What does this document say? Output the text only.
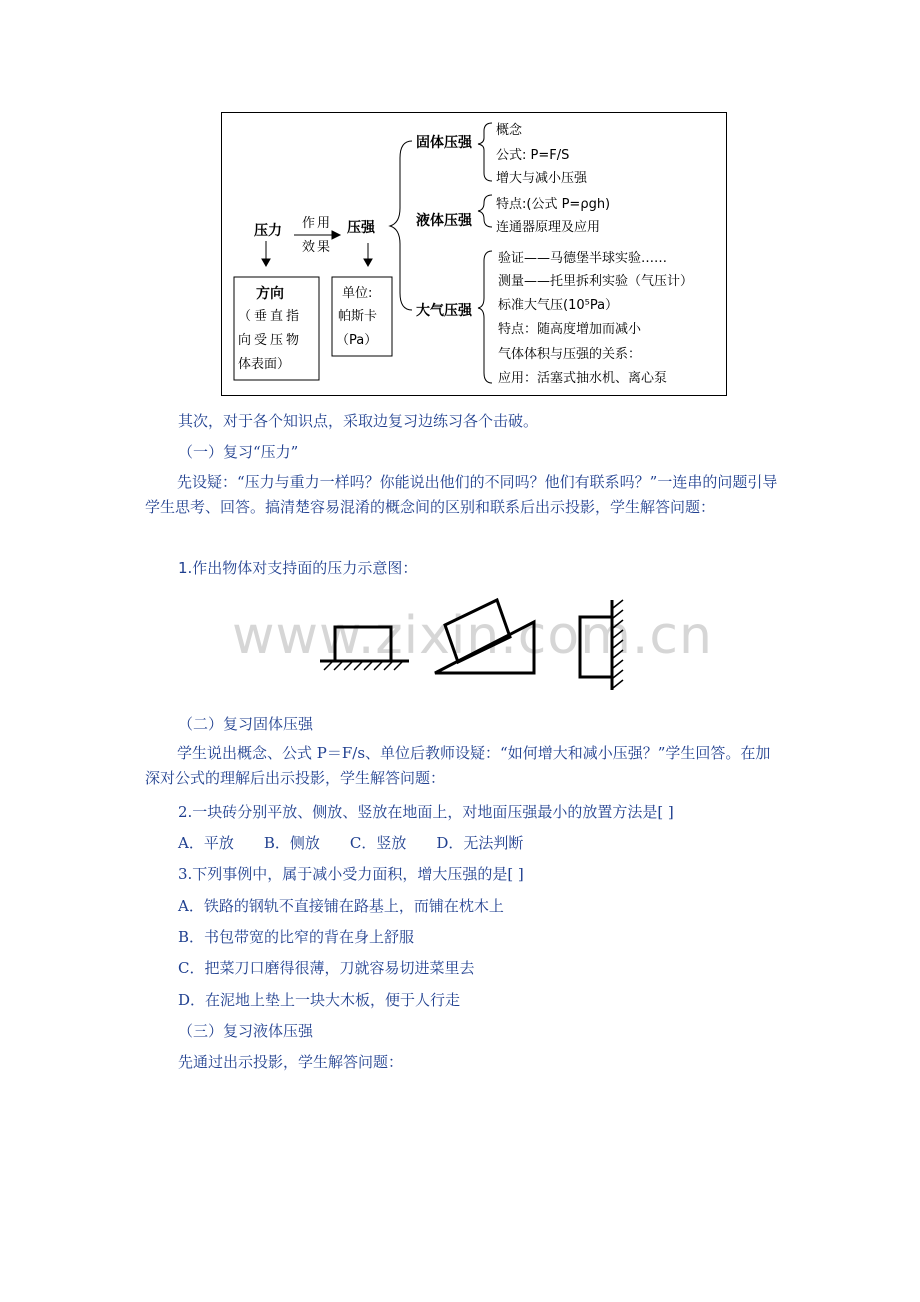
压力 作用
效果
压强
方向
（垂直指
向受压物
体表面）
单位:
帕斯卡
（Pa）
固体压强
液体压强
大气压强
概念
公式: P=F/S
增大与减小压强
特点:(公式 P=ρgh)
连通器原理及应用
验证——马德堡半球实验……
测量——托里拆利实验（气压计）
标准大气压(10⁵Pa）
特点：随高度增加而减小
气体体积与压强的关系：
应用：活塞式抽水机、离心泵
其次，对于各个知识点，采取边复习边练习各个击破。
（一）复习“压力”
先设疑：“压力与重力一样吗？你能说出他们的不同吗？他们有联系吗？”一连串的问题引导学生思考、回答。搞清楚容易混淆的概念间的区别和联系后出示投影，学生解答问题：
1.作出物体对支持面的压力示意图：
www.zixin.com.cn
（二）复习固体压强
学生说出概念、公式 P＝F/s、单位后教师设疑：“如何增大和减小压强？”学生回答。在加深对公式的理解后出示投影，学生解答问题：
2.一块砖分别平放、侧放、竖放在地面上，对地面压强最小的放置方法是[ ]
A．平放　　B．侧放　　C．竖放　　D．无法判断
3.下列事例中，属于减小受力面积，增大压强的是[ ]
A．铁路的钢轨不直接铺在路基上，而铺在枕木上
B．书包带宽的比窄的背在身上舒服
C．把菜刀口磨得很薄，刀就容易切进菜里去
D．在泥地上垫上一块大木板，便于人行走
（三）复习液体压强
先通过出示投影，学生解答问题：
